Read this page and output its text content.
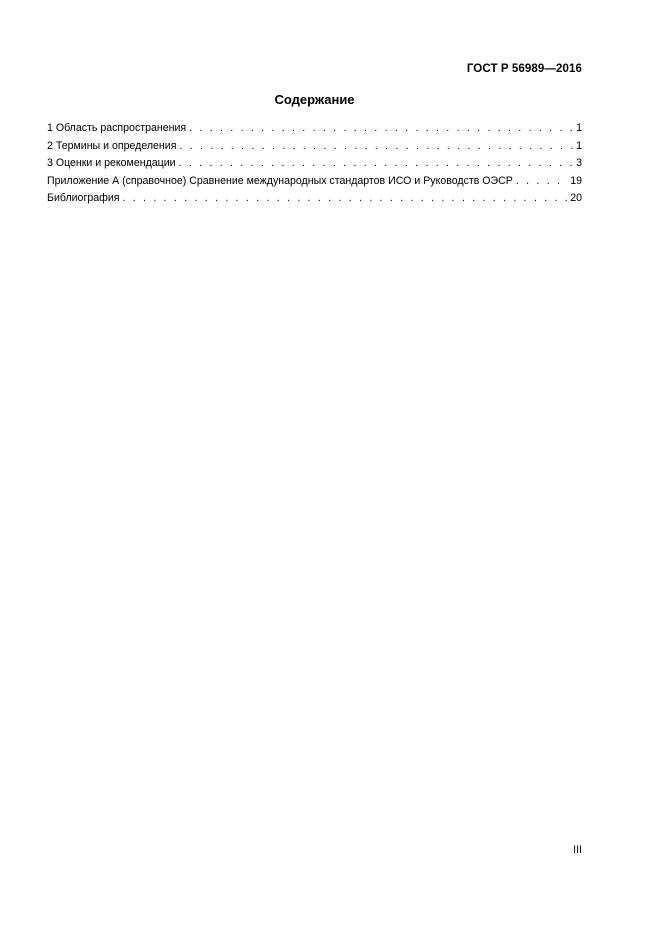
ГОСТ Р 56989—2016
Содержание
1 Область распространения . . .	1
2 Термины и определения . . .	1
3 Оценки и рекомендации . . .	3
Приложение А (справочное) Сравнение международных стандартов ИСО и Руководств ОЭСР . . .	19
Библиография . . .	20
III
